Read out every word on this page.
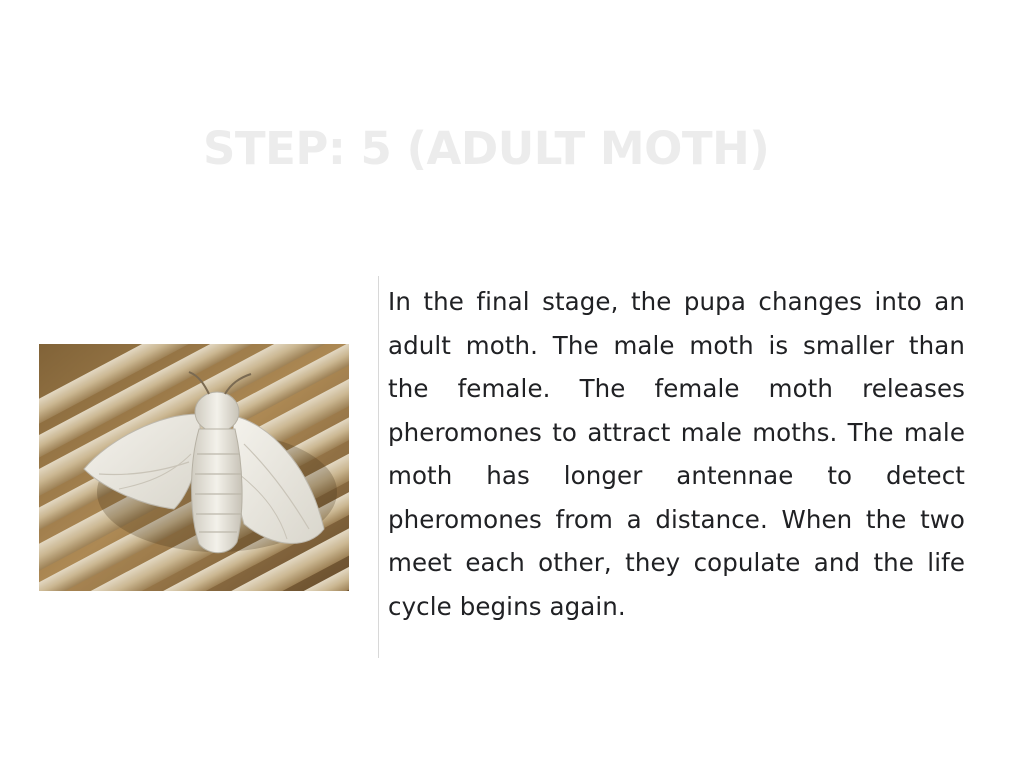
STEP: 5 (ADULT MOTH)

In the final stage, the pupa changes into an adult moth. The male moth is smaller than the female. The female moth releases pheromones to attract male moths. The male moth has longer antennae to detect pheromones from a distance. When the two meet each other, they copulate and the life cycle begins again.
